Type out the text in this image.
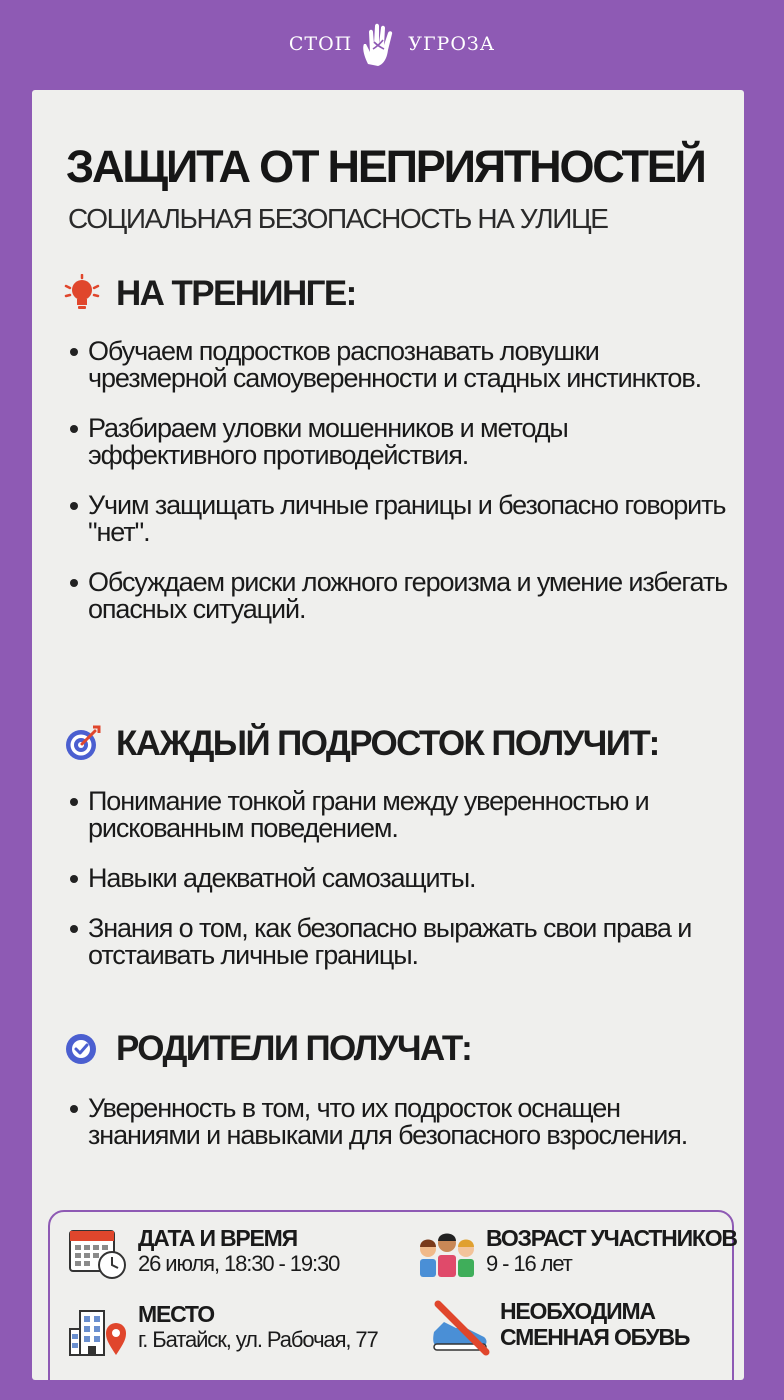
СТОП	УГРОЗА
ЗАЩИТА ОТ НЕПРИЯТНОСТЕЙ

СОЦИАЛЬНАЯ БЕЗОПАСНОСТЬ НА УЛИЦЕ

НА ТРЕНИНГЕ:
Обучаем подростков распознавать ловушки чрезмерной самоуверенности и стадных инстинктов.
Разбираем уловки мошенников и методы эффективного противодействия.
Учим защищать личные границы и безопасно говорить "нет".
Обсуждаем риски ложного героизма и умение избегать опасных ситуаций.
КАЖДЫЙ ПОДРОСТОК ПОЛУЧИТ:
Понимание тонкой грани между уверенностью и рискованным поведением.
Навыки адекватной самозащиты.
Знания о том, как безопасно выражать свои права и отстаивать личные границы.
РОДИТЕЛИ ПОЛУЧАТ:
Уверенность в том, что их подросток оснащен знаниями и навыками для безопасного взросления.
ДАТА И ВРЕМЯ
26 июля, 18:30 - 19:30
ВОЗРАСТ УЧАСТНИКОВ
9 - 16 лет
МЕСТО
г. Батайск, ул. Рабочая, 77
НЕОБХОДИМА
СМЕННАЯ ОБУВЬ
